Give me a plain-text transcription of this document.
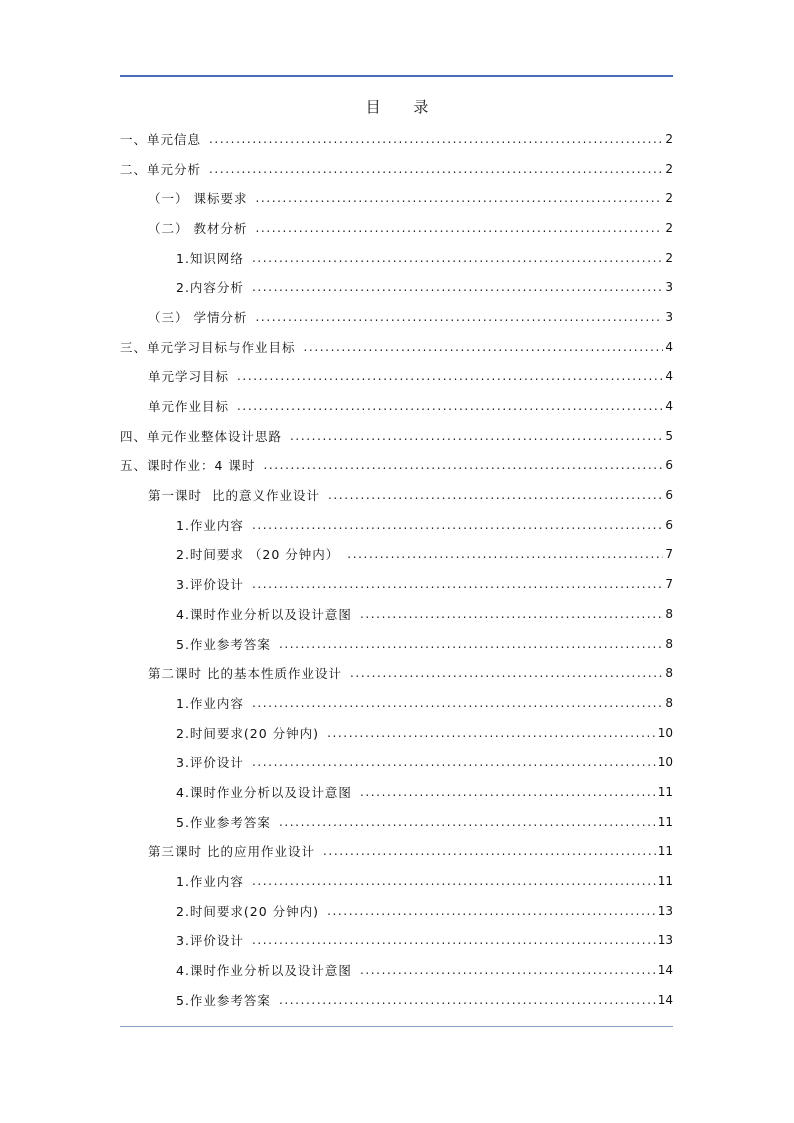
目 录
一、单元信息 .....	2
二、单元分析 .....	2
（一） 课标要求 .....	2
（二） 教材分析 .....	2
1.知识网络 .....	2
2.内容分析 .....	3
（三） 学情分析 .....	3
三、单元学习目标与作业目标 .....	4
单元学习目标 .....	4
单元作业目标 .....	4
四、单元作业整体设计思路 .....	5
五、课时作业：4 课时 .....	6
第一课时  比的意义作业设计 .....	6
1.作业内容 .....	6
2.时间要求 （20 分钟内） .....	7
3.评价设计 .....	7
4.课时作业分析以及设计意图 .....	8
5.作业参考答案 .....	8
第二课时 比的基本性质作业设计 .....	8
1.作业内容 .....	8
2.时间要求(20 分钟内) .....	10
3.评价设计 .....	10
4.课时作业分析以及设计意图 .....	11
5.作业参考答案 .....	11
第三课时 比的应用作业设计 .....	11
1.作业内容 .....	11
2.时间要求(20 分钟内) .....	13
3.评价设计 .....	13
4.课时作业分析以及设计意图 .....	14
5.作业参考答案 .....	14
